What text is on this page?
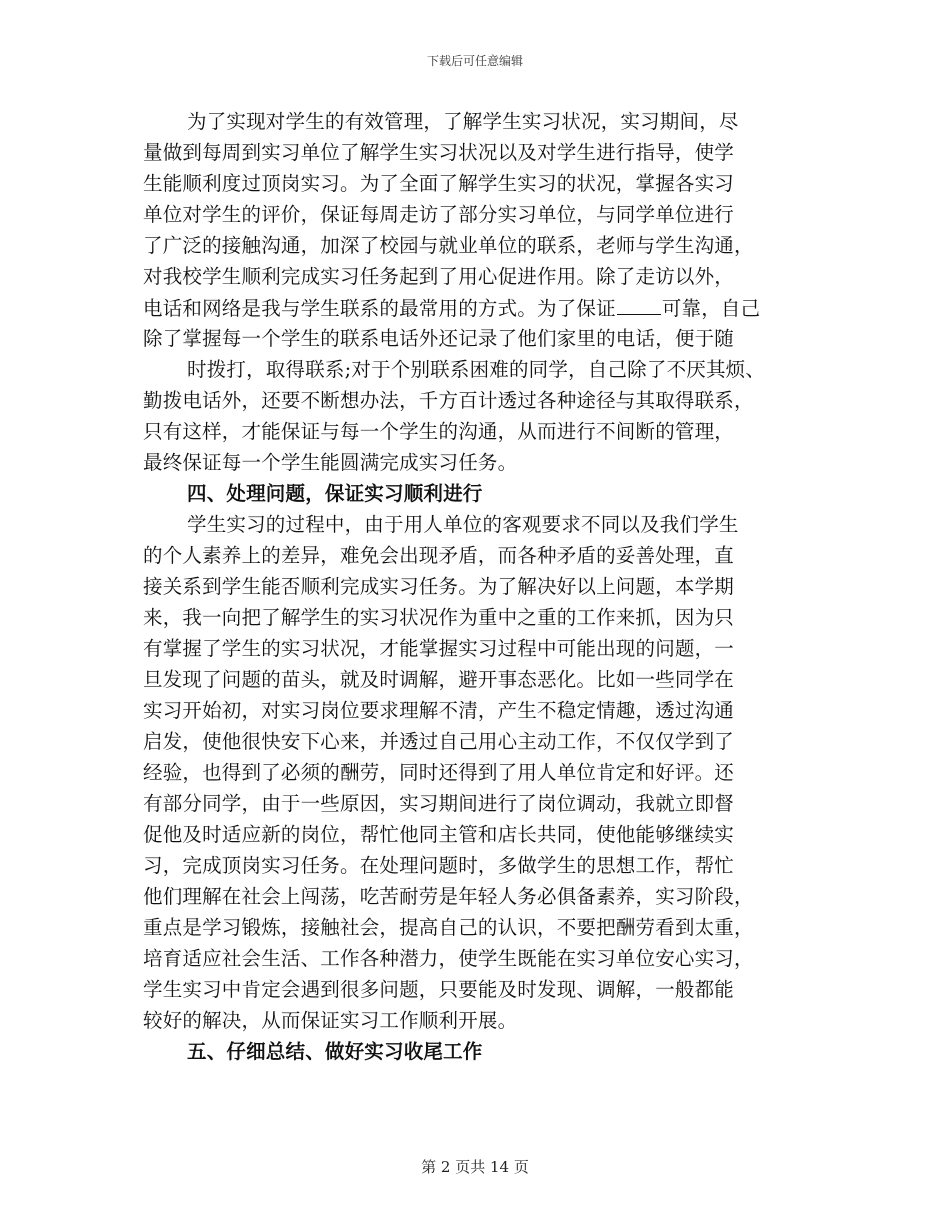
下载后可任意编辑
为了实现对学生的有效管理，了解学生实习状况，实习期间，尽
量做到每周到实习单位了解学生实习状况以及对学生进行指导，使学
生能顺利度过顶岗实习。为了全面了解学生实习的状况，掌握各实习
单位对学生的评价，保证每周走访了部分实习单位，与同学单位进行
了广泛的接触沟通，加深了校园与就业单位的联系，老师与学生沟通，
对我校学生顺利完成实习任务起到了用心促进作用。除了走访以外，
电话和网络是我与学生联系的最常用的方式。为了保证 可靠，自己
除了掌握每一个学生的联系电话外还记录了他们家里的电话，便于随
时拨打，取得联系;对于个别联系困难的同学，自己除了不厌其烦、
勤拨电话外，还要不断想办法，千方百计透过各种途径与其取得联系，
只有这样，才能保证与每一个学生的沟通，从而进行不间断的管理，
最终保证每一个学生能圆满完成实习任务。
四、处理问题，保证实习顺利进行
学生实习的过程中，由于用人单位的客观要求不同以及我们学生
的个人素养上的差异，难免会出现矛盾，而各种矛盾的妥善处理，直
接关系到学生能否顺利完成实习任务。为了解决好以上问题，本学期
来，我一向把了解学生的实习状况作为重中之重的工作来抓，因为只
有掌握了学生的实习状况，才能掌握实习过程中可能出现的问题，一
旦发现了问题的苗头，就及时调解，避开事态恶化。比如一些同学在
实习开始初，对实习岗位要求理解不清，产生不稳定情趣，透过沟通
启发，使他很快安下心来，并透过自己用心主动工作，不仅仅学到了
经验，也得到了必须的酬劳，同时还得到了用人单位肯定和好评。还
有部分同学，由于一些原因，实习期间进行了岗位调动，我就立即督
促他及时适应新的岗位，帮忙他同主管和店长共同，使他能够继续实
习，完成顶岗实习任务。在处理问题时，多做学生的思想工作，帮忙
他们理解在社会上闯荡，吃苦耐劳是年轻人务必俱备素养，实习阶段，
重点是学习锻炼，接触社会，提高自己的认识，不要把酬劳看到太重，
培育适应社会生活、工作各种潜力，使学生既能在实习单位安心实习，
学生实习中肯定会遇到很多问题，只要能及时发现、调解，一般都能
较好的解决，从而保证实习工作顺利开展。
五、仔细总结、做好实习收尾工作
第 2 页共 14 页
